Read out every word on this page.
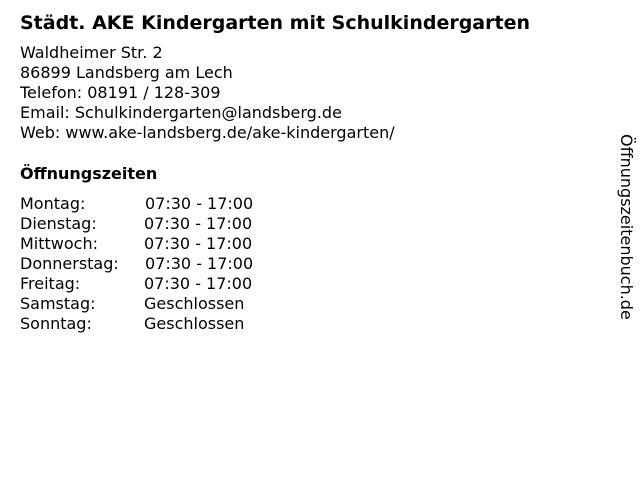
Städt. AKE Kindergarten mit Schulkindergarten
Waldheimer Str. 2
86899 Landsberg am Lech
Telefon: 08191 / 128-309
Email: Schulkindergarten@landsberg.de
Web: www.ake-landsberg.de/ake-kindergarten/
Öffnungszeiten
Montag:	07:30 - 17:00
Dienstag:	07:30 - 17:00
Mittwoch:	07:30 - 17:00
Donnerstag: 07:30 - 17:00
Freitag:	07:30 - 17:00
Samstag:	Geschlossen
Sonntag:	Geschlossen
Öffnungszeitenbuch.de
